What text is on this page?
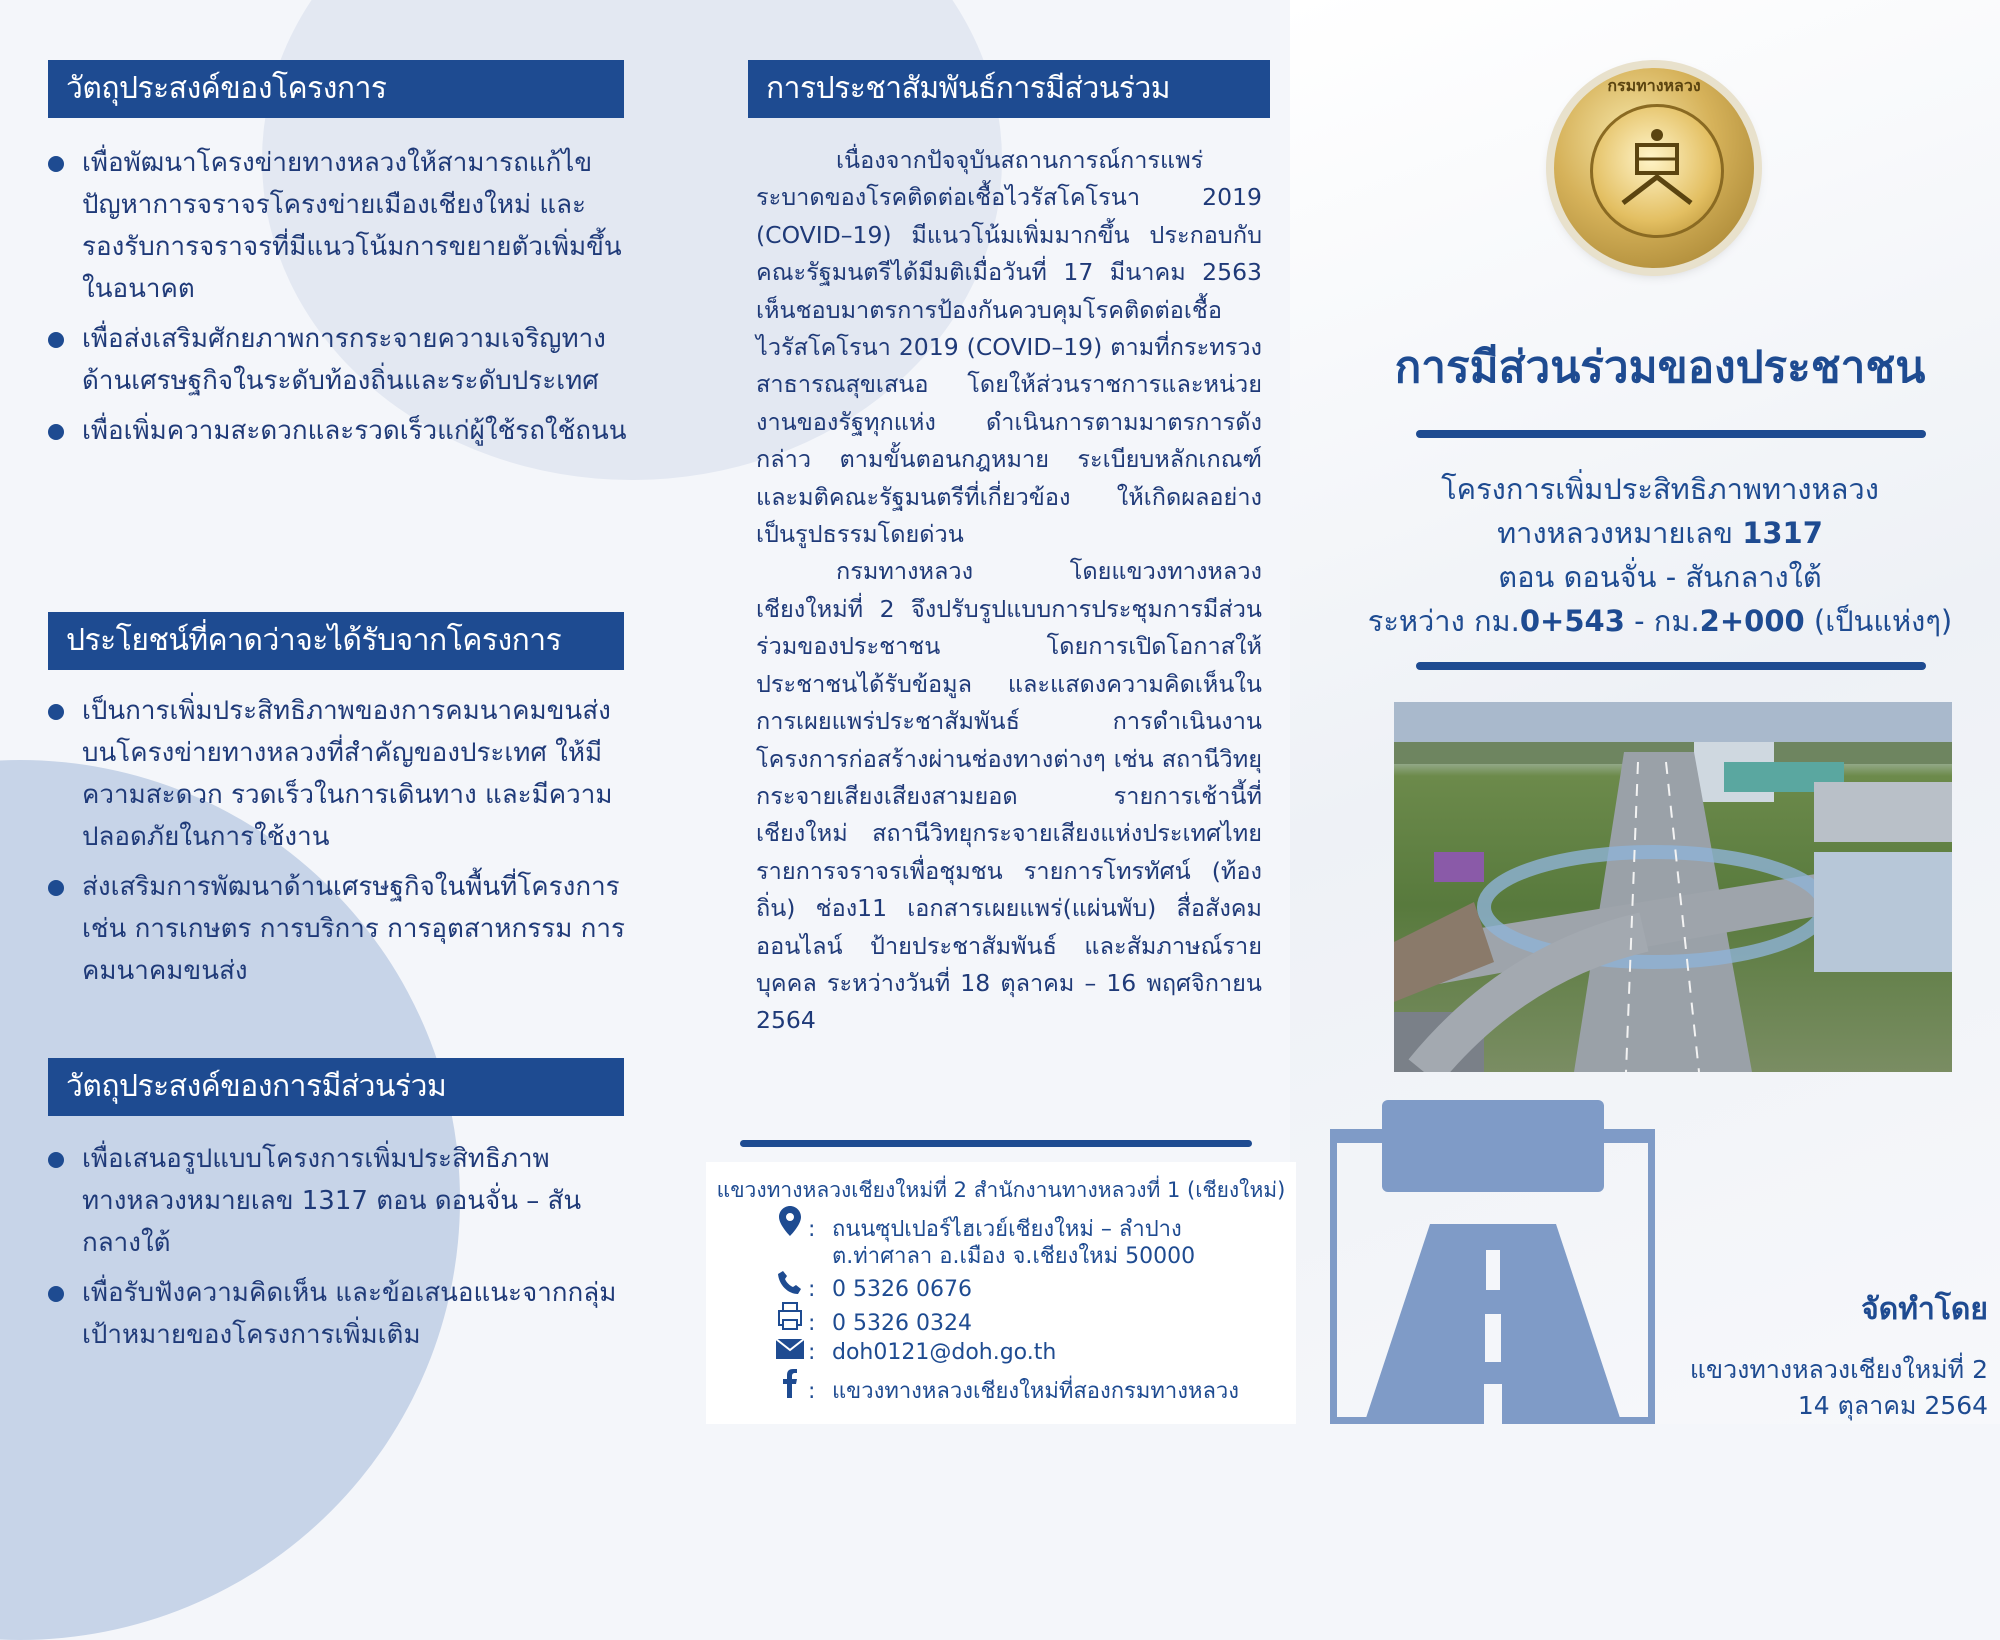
วัตถุประสงค์ของโครงการ
เพื่อพัฒนาโครงข่ายทางหลวงให้สามารถแก้ไขปัญหาการจราจรโครงข่ายเมืองเชียงใหม่ และรองรับการจราจรที่มีแนวโน้มการขยายตัวเพิ่มขึ้นในอนาคต
เพื่อส่งเสริมศักยภาพการกระจายความเจริญทางด้านเศรษฐกิจในระดับท้องถิ่นและระดับประเทศ
เพื่อเพิ่มความสะดวกและรวดเร็วแก่ผู้ใช้รถใช้ถนน
ประโยชน์ที่คาดว่าจะได้รับจากโครงการ
เป็นการเพิ่มประสิทธิภาพของการคมนาคมขนส่งบนโครงข่ายทางหลวงที่สำคัญของประเทศ ให้มีความสะดวก รวดเร็วในการเดินทาง และมีความปลอดภัยในการใช้งาน
ส่งเสริมการพัฒนาด้านเศรษฐกิจในพื้นที่โครงการ เช่น การเกษตร การบริการ การอุตสาหกรรม การคมนาคมขนส่ง
วัตถุประสงค์ของการมีส่วนร่วม
เพื่อเสนอรูปแบบโครงการเพิ่มประสิทธิภาพทางหลวงหมายเลข 1317 ตอน ดอนจั่น – สันกลางใต้
เพื่อรับฟังความคิดเห็น และข้อเสนอแนะจากกลุ่มเป้าหมายของโครงการเพิ่มเติม
การประชาสัมพันธ์การมีส่วนร่วม

เนื่องจากปัจจุบันสถานการณ์การแพร่ระบาดของโรคติดต่อเชื้อไวรัสโคโรนา 2019 (COVID–19) มีแนวโน้มเพิ่มมากขึ้น ประกอบกับคณะรัฐมนตรีได้มีมติเมื่อวันที่ 17 มีนาคม 2563 เห็นชอบมาตรการป้องกันควบคุมโรคติดต่อเชื้อไวรัสโคโรนา 2019 (COVID–19) ตามที่กระทรวงสาธารณสุขเสนอ โดยให้ส่วนราชการและหน่วยงานของรัฐทุกแห่ง ดำเนินการตามมาตรการดังกล่าว ตามขั้นตอนกฎหมาย ระเบียบหลักเกณฑ์ และมติคณะรัฐมนตรีที่เกี่ยวข้อง ให้เกิดผลอย่างเป็นรูปธรรมโดยด่วน

กรมทางหลวง โดยแขวงทางหลวงเชียงใหม่ที่ 2 จึงปรับรูปแบบการประชุมการมีส่วนร่วมของประชาชน โดยการเปิดโอกาสให้ประชาชนได้รับข้อมูล และแสดงความคิดเห็นในการเผยแพร่ประชาสัมพันธ์ การดำเนินงานโครงการก่อสร้างผ่านช่องทางต่างๆ เช่น สถานีวิทยุกระจายเสียงเสียงสามยอด รายการเช้านี้ที่เชียงใหม่ สถานีวิทยุกระจายเสียงแห่งประเทศไทย รายการจราจรเพื่อชุมชน รายการโทรทัศน์ (ท้องถิ่น) ช่อง11 เอกสารเผยแพร่(แผ่นพับ) สื่อสังคมออนไลน์ ป้ายประชาสัมพันธ์ และสัมภาษณ์รายบุคคล ระหว่างวันที่ 18 ตุลาคม – 16 พฤศจิกายน 2564

แขวงทางหลวงเชียงใหม่ที่ 2 สำนักงานทางหลวงที่ 1 (เชียงใหม่)
: ถนนซุปเปอร์ไฮเวย์เชียงใหม่ – ลำปาง
ต.ท่าศาลา อ.เมือง จ.เชียงใหม่ 50000
: 0 5326 0676
: 0 5326 0324
: doh0121@doh.go.th
: แขวงทางหลวงเชียงใหม่ที่สองกรมทางหลวง
กรมทางหลวง
การมีส่วนร่วมของประชาชน
โครงการเพิ่มประสิทธิภาพทางหลวง
ทางหลวงหมายเลข 1317
ตอน ดอนจั่น - สันกลางใต้
ระหว่าง กม.0+543 - กม.2+000 (เป็นแห่งๆ)
จัดทำโดย
แขวงทางหลวงเชียงใหม่ที่ 2
14 ตุลาคม 2564
